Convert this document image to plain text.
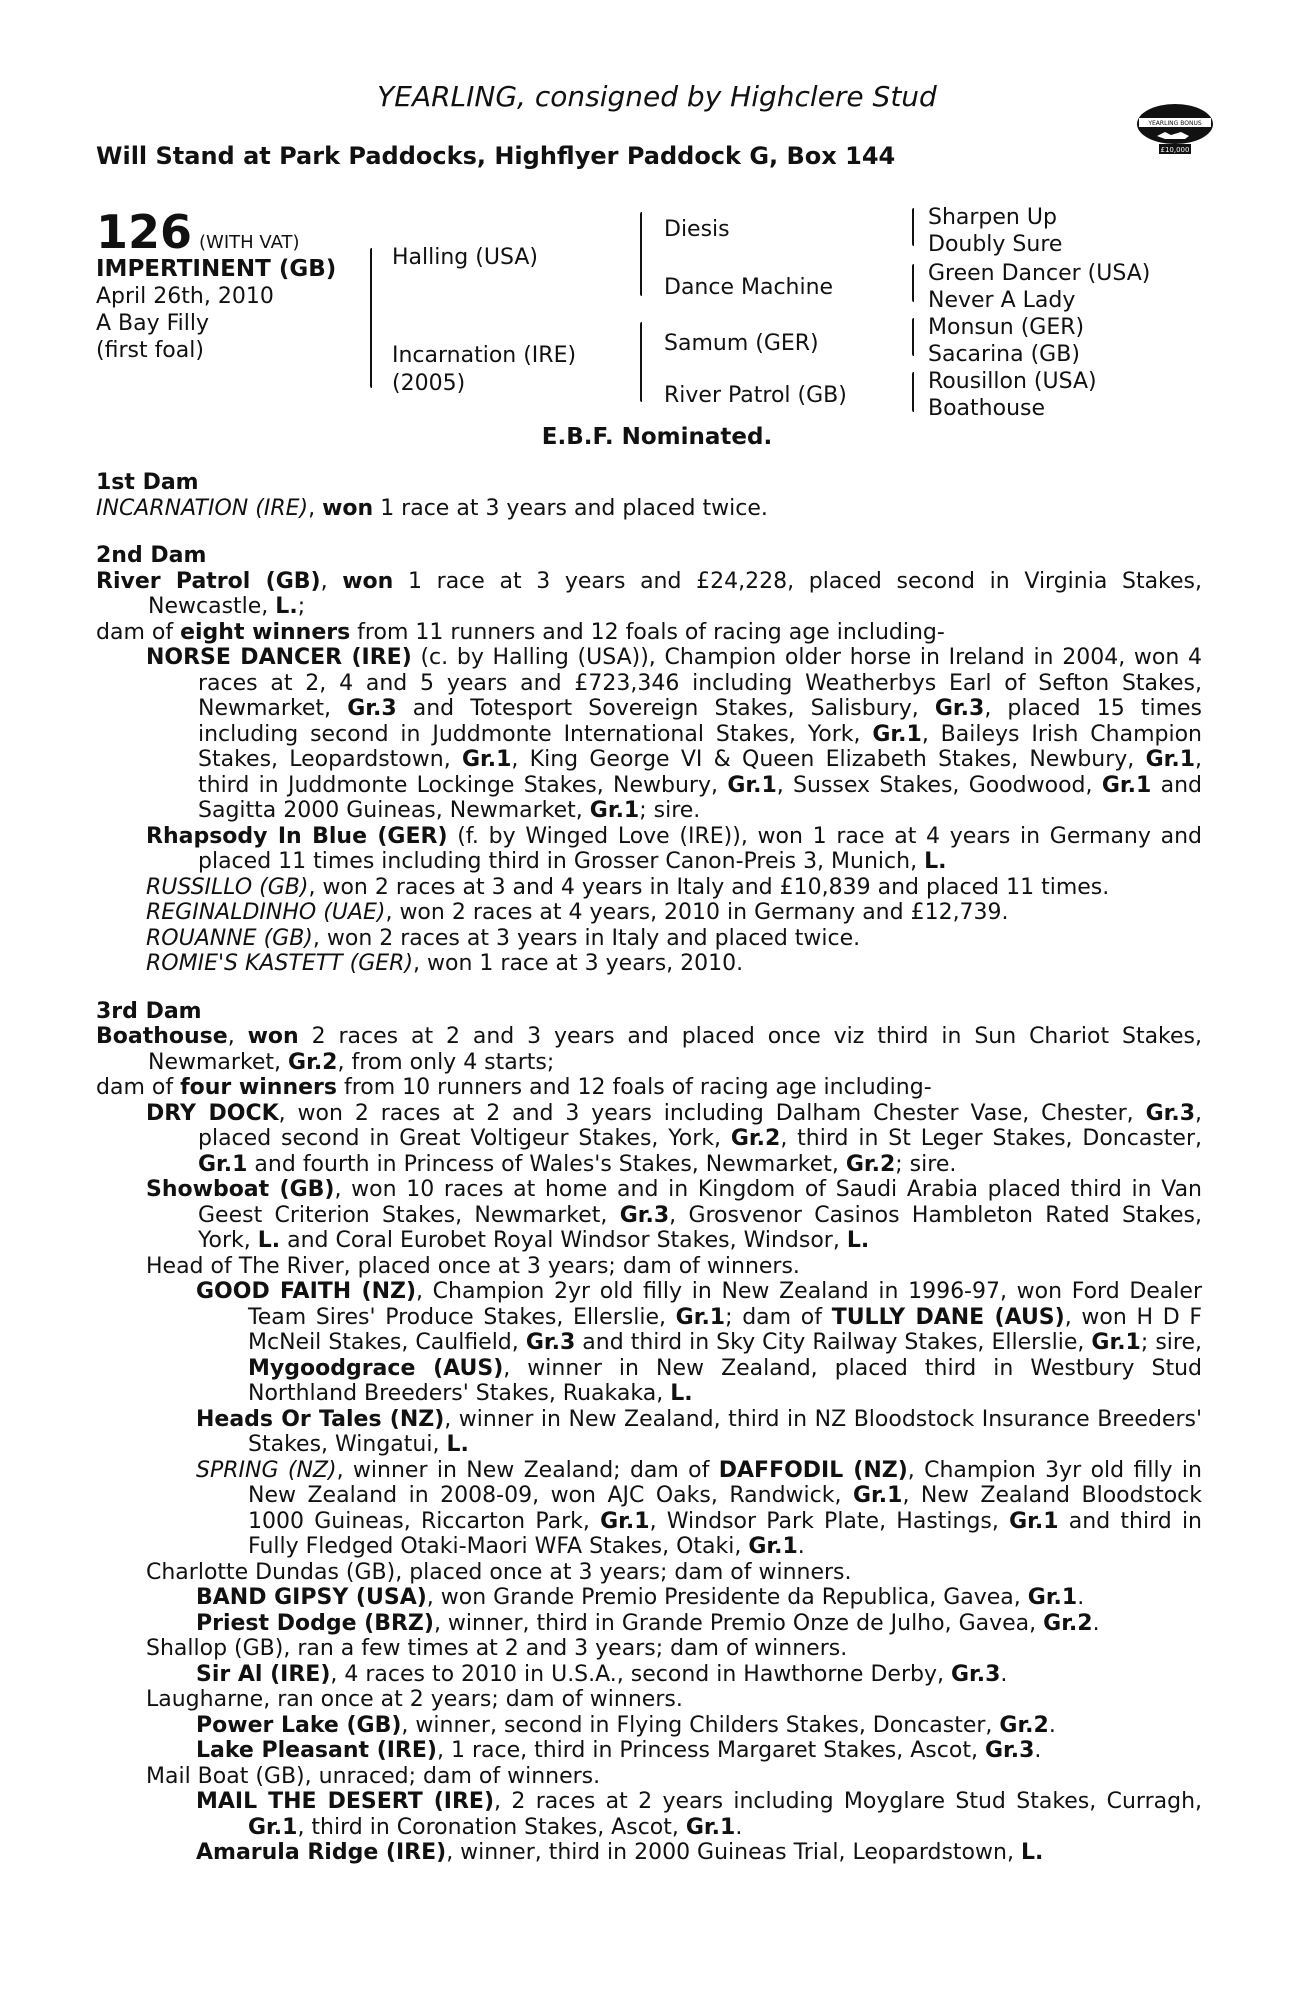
YEARLING, consigned by Highclere Stud
Will Stand at Park Paddocks, Highflyer Paddock G, Box 144
YEARLING BONUS
£10,000
126 (WITH VAT)
IMPERTINENT (GB)
April 26th, 2010
A Bay Filly
(first foal)
Halling (USA)
Incarnation (IRE)
(2005)
Diesis
Dance Machine
Samum (GER)
River Patrol (GB)
Sharpen Up
Doubly Sure
Green Dancer (USA)
Never A Lady
Monsun (GER)
Sacarina (GB)
Rousillon (USA)
Boathouse
E.B.F. Nominated.
1st Dam
INCARNATION (IRE), won 1 race at 3 years and placed twice.
2nd Dam
River Patrol (GB), won 1 race at 3 years and £24,228, placed second in Virginia Stakes, Newcastle, L.;
dam of eight winners from 11 runners and 12 foals of racing age including-
NORSE DANCER (IRE) (c. by Halling (USA)), Champion older horse in Ireland in 2004, won 4 races at 2, 4 and 5 years and £723,346 including Weatherbys Earl of Sefton Stakes, Newmarket, Gr.3 and Totesport Sovereign Stakes, Salisbury, Gr.3, placed 15 times including second in Juddmonte International Stakes, York, Gr.1, Baileys Irish Champion Stakes, Leopardstown, Gr.1, King George VI & Queen Elizabeth Stakes, Newbury, Gr.1, third in Juddmonte Lockinge Stakes, Newbury, Gr.1, Sussex Stakes, Goodwood, Gr.1 and Sagitta 2000 Guineas, Newmarket, Gr.1; sire.
Rhapsody In Blue (GER) (f. by Winged Love (IRE)), won 1 race at 4 years in Germany and placed 11 times including third in Grosser Canon-Preis 3, Munich, L.
RUSSILLO (GB), won 2 races at 3 and 4 years in Italy and £10,839 and placed 11 times.
REGINALDINHO (UAE), won 2 races at 4 years, 2010 in Germany and £12,739.
ROUANNE (GB), won 2 races at 3 years in Italy and placed twice.
ROMIE'S KASTETT (GER), won 1 race at 3 years, 2010.
3rd Dam
Boathouse, won 2 races at 2 and 3 years and placed once viz third in Sun Chariot Stakes, Newmarket, Gr.2, from only 4 starts;
dam of four winners from 10 runners and 12 foals of racing age including-
DRY DOCK, won 2 races at 2 and 3 years including Dalham Chester Vase, Chester, Gr.3, placed second in Great Voltigeur Stakes, York, Gr.2, third in St Leger Stakes, Doncaster, Gr.1 and fourth in Princess of Wales's Stakes, Newmarket, Gr.2; sire.
Showboat (GB), won 10 races at home and in Kingdom of Saudi Arabia placed third in Van Geest Criterion Stakes, Newmarket, Gr.3, Grosvenor Casinos Hambleton Rated Stakes, York, L. and Coral Eurobet Royal Windsor Stakes, Windsor, L.
Head of The River, placed once at 3 years; dam of winners.
GOOD FAITH (NZ), Champion 2yr old filly in New Zealand in 1996-97, won Ford Dealer Team Sires' Produce Stakes, Ellerslie, Gr.1; dam of TULLY DANE (AUS), won H D F McNeil Stakes, Caulfield, Gr.3 and third in Sky City Railway Stakes, Ellerslie, Gr.1; sire, Mygoodgrace (AUS), winner in New Zealand, placed third in Westbury Stud Northland Breeders' Stakes, Ruakaka, L.
Heads Or Tales (NZ), winner in New Zealand, third in NZ Bloodstock Insurance Breeders' Stakes, Wingatui, L.
SPRING (NZ), winner in New Zealand; dam of DAFFODIL (NZ), Champion 3yr old filly in New Zealand in 2008-09, won AJC Oaks, Randwick, Gr.1, New Zealand Bloodstock 1000 Guineas, Riccarton Park, Gr.1, Windsor Park Plate, Hastings, Gr.1 and third in Fully Fledged Otaki-Maori WFA Stakes, Otaki, Gr.1.
Charlotte Dundas (GB), placed once at 3 years; dam of winners.
BAND GIPSY (USA), won Grande Premio Presidente da Republica, Gavea, Gr.1.
Priest Dodge (BRZ), winner, third in Grande Premio Onze de Julho, Gavea, Gr.2.
Shallop (GB), ran a few times at 2 and 3 years; dam of winners.
Sir Al (IRE), 4 races to 2010 in U.S.A., second in Hawthorne Derby, Gr.3.
Laugharne, ran once at 2 years; dam of winners.
Power Lake (GB), winner, second in Flying Childers Stakes, Doncaster, Gr.2.
Lake Pleasant (IRE), 1 race, third in Princess Margaret Stakes, Ascot, Gr.3.
Mail Boat (GB), unraced; dam of winners.
MAIL THE DESERT (IRE), 2 races at 2 years including Moyglare Stud Stakes, Curragh, Gr.1, third in Coronation Stakes, Ascot, Gr.1.
Amarula Ridge (IRE), winner, third in 2000 Guineas Trial, Leopardstown, L.
